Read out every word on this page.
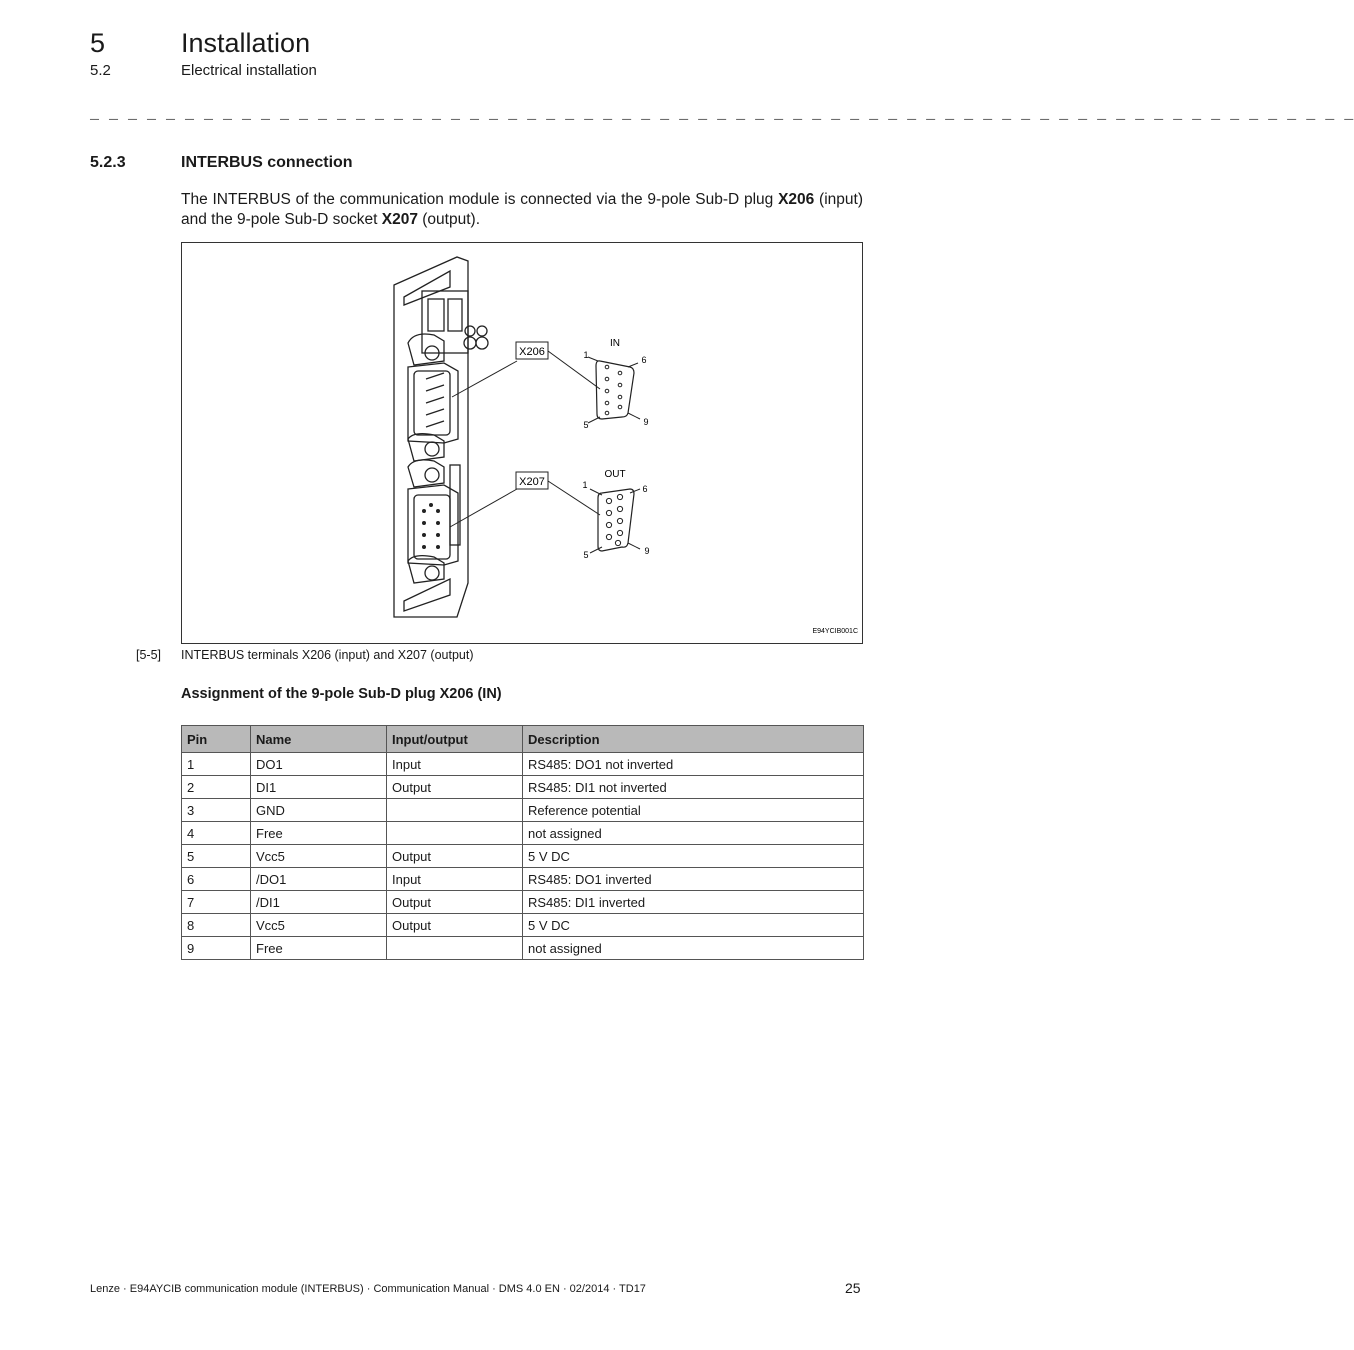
5	Installation
5.2	Electrical installation
_ _ _ _ _ _ _ _ _ _ _ _ _ _ _ _ _ _ _ _ _ _ _ _ _ _ _ _ _ _ _ _ _ _ _ _ _ _ _ _ _ _ _ _ _ _ _ _ _ _ _ _ _ _ _ _ _ _ _ _ _ _ _ _ _ _ _
5.2.3	INTERBUS connection
The INTERBUS of the communication module is connected via the 9-pole Sub-D plug X206 (input) and the 9-pole Sub-D socket X207 (output).
X206
X207
IN
1	6
5	9
OUT
1	6
5	9
E94YCIB001C
[5-5] INTERBUS terminals X206 (input) and X207 (output)
Assignment of the 9-pole Sub-D plug X206 (IN)
Pin	Name	Input/output	Description
1	DO1	Input	RS485: DO1 not inverted
2	DI1	Output	RS485: DI1 not inverted
3	GND		Reference potential
4	Free		not assigned
5	Vcc5	Output	5 V DC
6	/DO1	Input	RS485: DO1 inverted
7	/DI1	Output	RS485: DI1 inverted
8	Vcc5	Output	5 V DC
9	Free		not assigned
Lenze · E94AYCIB communication module (INTERBUS) · Communication Manual · DMS 4.0 EN · 02/2014 · TD17	25
